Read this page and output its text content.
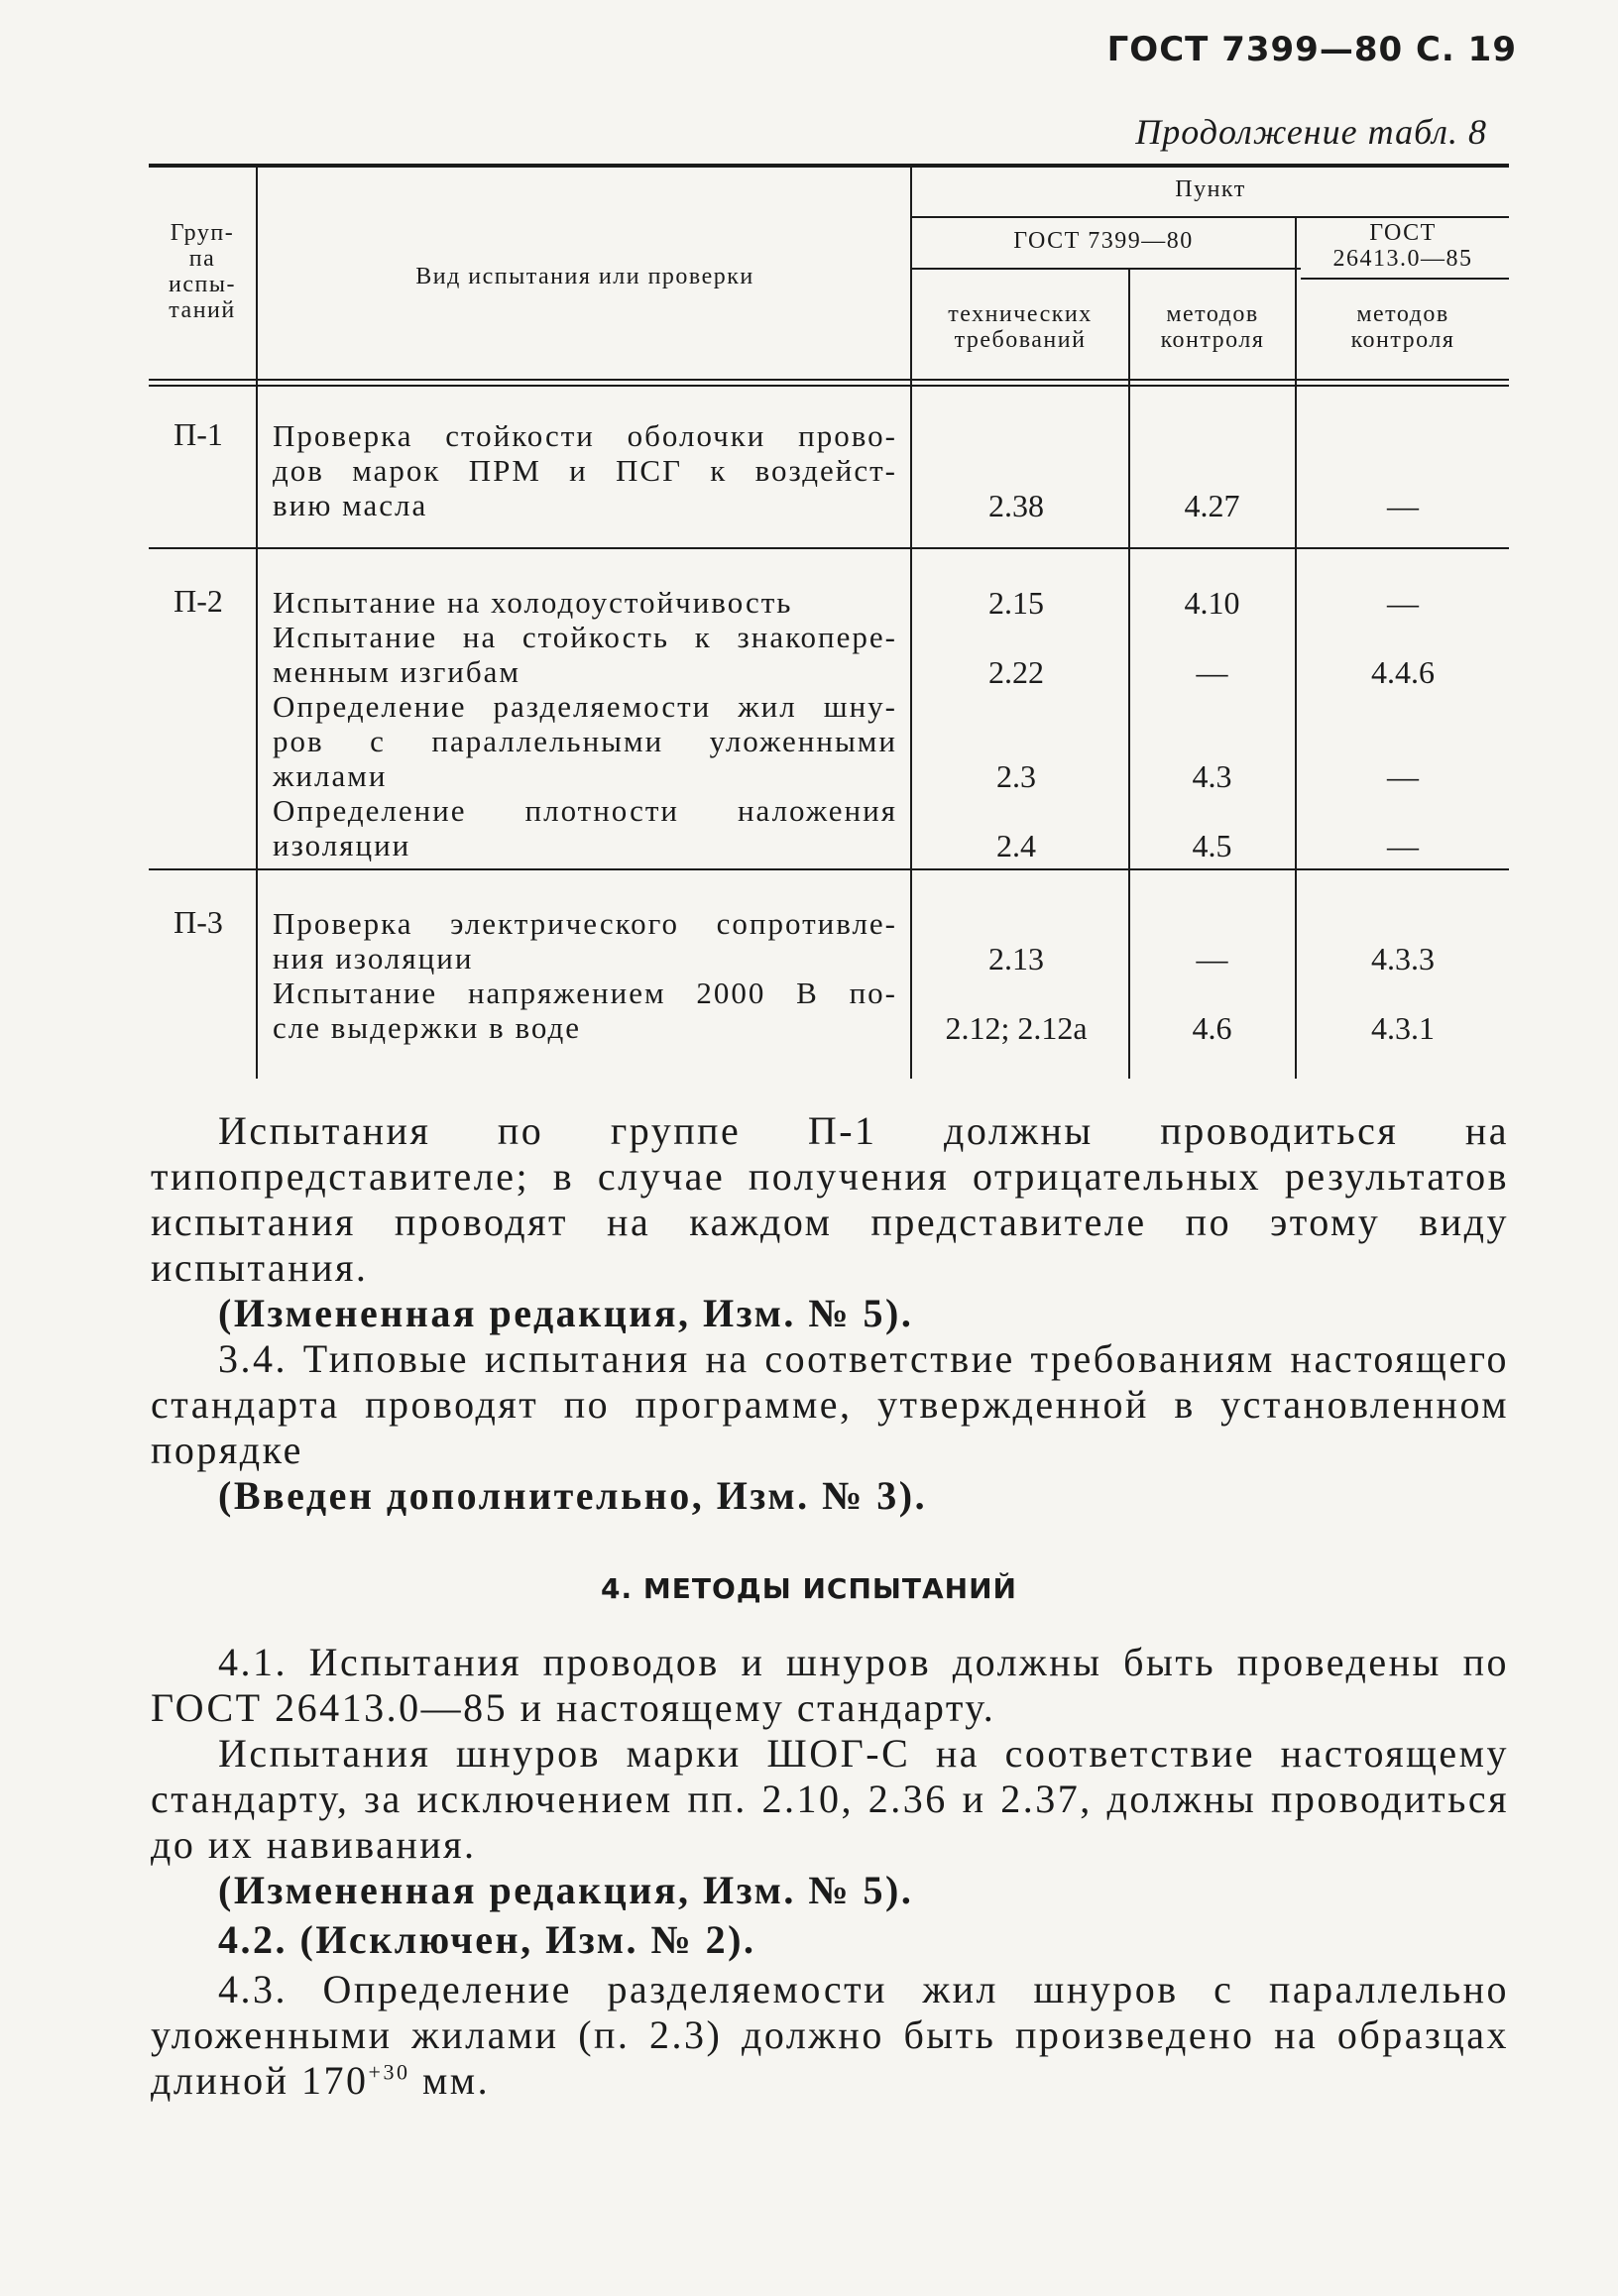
ГОСТ 7399—80 С. 19
Продолжение табл. 8
Груп-
па
испы-
таний
Вид испытания или проверки
Пункт
ГОСТ 7399—80	ГОСТ
26413.0—85
технических
требований
методов
контроля
методов
контроля
П-1	Проверка стойкости оболочки прово-
дов марок ПРМ и ПСГ к воздейст-
вию масла	2.38	4.27	—
П-2	Испытание на холодоустойчивость	2.15	4.10	—
Испытание на стойкость к знакопере-
менным изгибам	2.22	—	4.4.6
Определение разделяемости жил шну-
ров с параллельными уложенными
жилами	2.3	4.3	—
Определение плотности наложения
изоляции	2.4	4.5	—
П-3	Проверка электрического сопротивле-
ния изоляции	2.13	—	4.3.3
Испытание напряжением 2000 В по-
сле выдержки в воде	2.12; 2.12а	4.6	4.3.1
Испытания по группе П-1 должны проводиться на типопредставителе; в случае получения отрицательных результатов испытания проводят на каждом представителе по этому виду испытания.
(Измененная редакция, Изм. № 5).
3.4. Типовые испытания на соответствие требованиям настоящего стандарта проводят по программе, утвержденной в установленном порядке
(Введен дополнительно, Изм. № 3).
4. МЕТОДЫ ИСПЫТАНИЙ
4.1. Испытания проводов и шнуров должны быть проведены по ГОСТ 26413.0—85 и настоящему стандарту.
Испытания шнуров марки ШОГ-С на соответствие настоящему стандарту, за исключением пп. 2.10, 2.36 и 2.37, должны проводиться до их навивания.
(Измененная редакция, Изм. № 5).
4.2. (Исключен, Изм. № 2).
4.3. Определение разделяемости жил шнуров с параллельно уложенными жилами (п. 2.3) должно быть произведено на образцах длиной $170^{+30}$ мм.
